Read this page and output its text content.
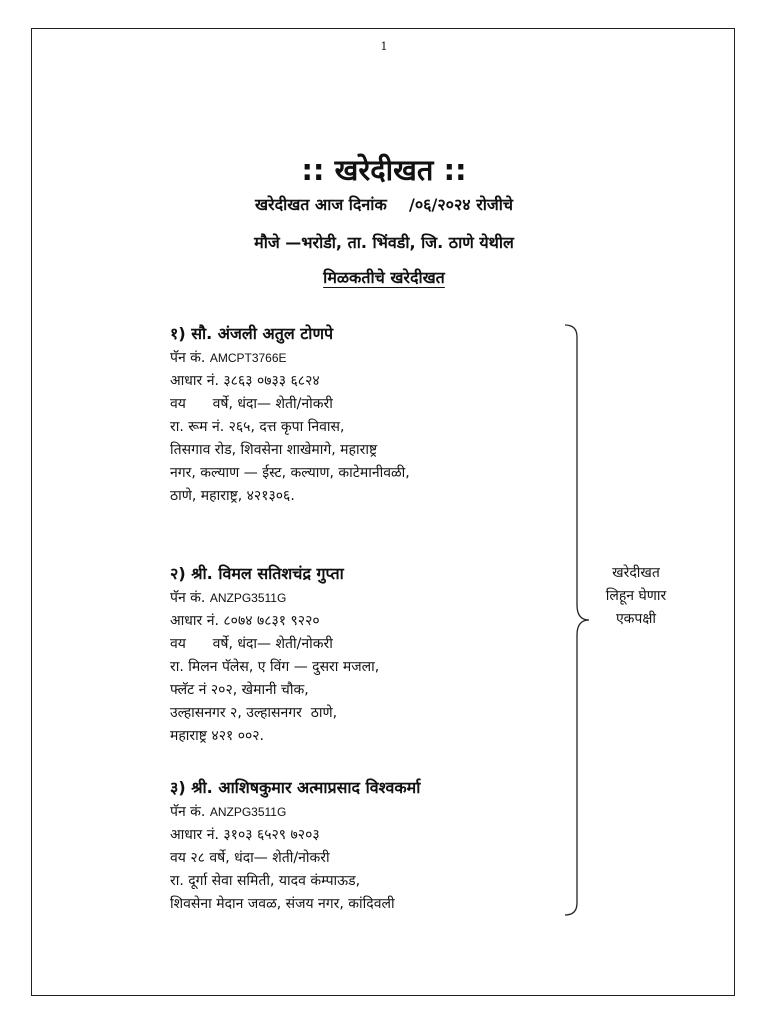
1
:: खरेदीखत ::
खरेदीखत आज दिनांक    /०६/२०२४ रोजीचे
मौजे —भरोडी, ता. भिंवडी, जि. ठाणे येथील
मिळकतीचे खरेदीखत
१) सौ. अंजली अतुल टोणपे
पॅन कं. AMCPT3766E
आधार नं. ३८६३ ०७३३ ६८२४
वय      वर्षे, धंदा— शेती/नोकरी
रा. रूम नं. २६५, दत्त कृपा निवास,
तिसगाव रोड, शिवसेना शाखेमागे, महाराष्ट्र
नगर, कल्याण — ईस्ट, कल्याण, काटेमानीवळी,
ठाणे, महाराष्ट्र, ४२१३०६.
२) श्री. विमल सतिशचंद्र गुप्ता
पॅन कं. ANZPG3511G
आधार नं. ८०७४ ७८३१ ९२२०
वय      वर्षे, धंदा— शेती/नोकरी
रा. मिलन पॅलेस, ए विंग — दुसरा मजला,
फ्लॅट नं २०२, खेमानी चौक,
उल्हासनगर २, उल्हासनगर  ठाणे,
महाराष्ट्र ४२१ ००२.
३) श्री. आशिषकुमार अत्माप्रसाद विश्वकर्मा
पॅन कं. ANZPG3511G
आधार नं. ३१०३ ६५२९ ७२०३
वय २८ वर्षे, धंदा— शेती/नोकरी
रा. दूर्गा सेवा समिती, यादव कंम्पाऊड,
शिवसेना मेदान जवळ, संजय नगर, कांदिवली
खरेदीखत
लिहून घेणार
एकपक्षी
